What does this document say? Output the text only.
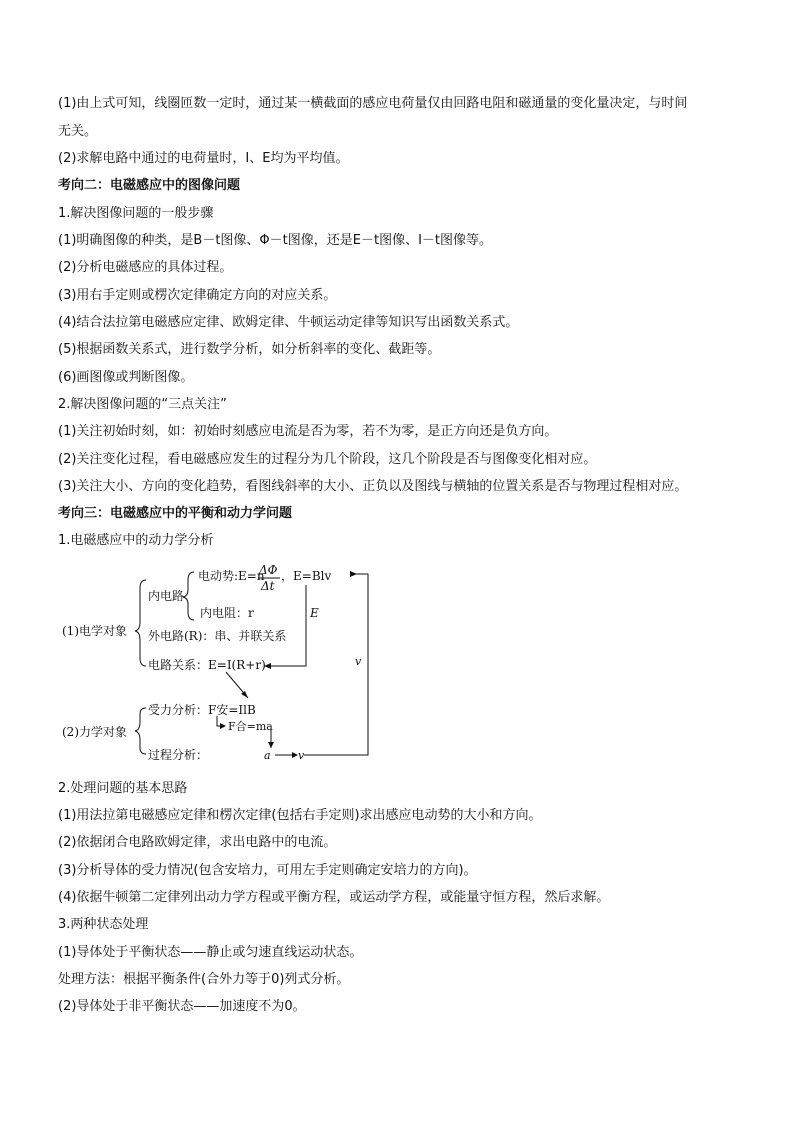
(1)由上式可知，线圈匝数一定时，通过某一横截面的感应电荷量仅由回路电阻和磁通量的变化量决定，与时间
无关。
(2)求解电路中通过的电荷量时，I、E均为平均值。
考向二：电磁感应中的图像问题
1.解决图像问题的一般步骤
(1)明确图像的种类，是B－t图像、Φ－t图像，还是E－t图像、I－t图像等。
(2)分析电磁感应的具体过程。
(3)用右手定则或楞次定律确定方向的对应关系。
(4)结合法拉第电磁感应定律、欧姆定律、牛顿运动定律等知识写出函数关系式。
(5)根据函数关系式，进行数学分析，如分析斜率的变化、截距等。
(6)画图像或判断图像。
2.解决图像问题的“三点关注”
(1)关注初始时刻，如：初始时刻感应电流是否为零，若不为零，是正方向还是负方向。
(2)关注变化过程，看电磁感应发生的过程分为几个阶段，这几个阶段是否与图像变化相对应。
(3)关注大小、方向的变化趋势，看图线斜率的大小、正负以及图线与横轴的位置关系是否与物理过程相对应。
考向三：电磁感应中的平衡和动力学问题
1.电磁感应中的动力学分析
(1)电学对象
内电路
电动势:E=n
ΔΦ
Δt
，E=Blv
内电阻：r	E
外电路(R)：串、并联关系
电路关系：E=I(R+r)	v
(2)力学对象
受力分析：F安=IlB
F合=ma
过程分析：	a v
2.处理问题的基本思路
(1)用法拉第电磁感应定律和楞次定律(包括右手定则)求出感应电动势的大小和方向。
(2)依据闭合电路欧姆定律，求出电路中的电流。
(3)分析导体的受力情况(包含安培力，可用左手定则确定安培力的方向)。
(4)依据牛顿第二定律列出动力学方程或平衡方程，或运动学方程，或能量守恒方程，然后求解。
3.两种状态处理
(1)导体处于平衡状态——静止或匀速直线运动状态。
处理方法：根据平衡条件(合外力等于0)列式分析。
(2)导体处于非平衡状态——加速度不为0。
